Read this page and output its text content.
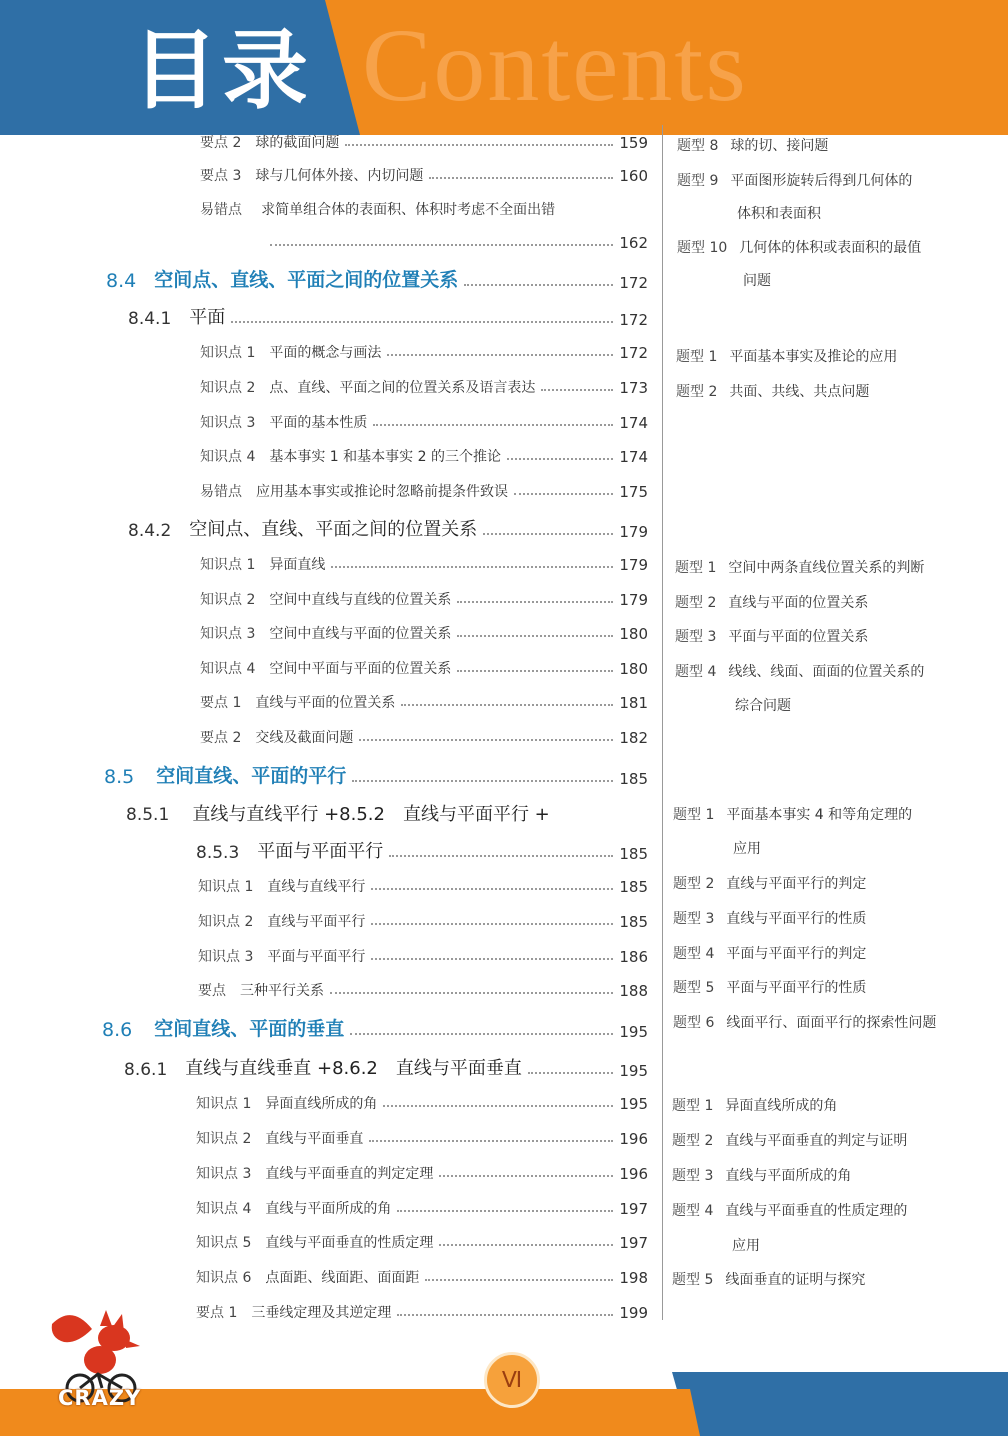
Contents
目录
要点 2 球的截面问题	159
要点 3 球与几何体外接、内切问题	160
易错点 求简单组合体的表面积、体积时考虑不全面出错
162
8.4 空间点、直线、平面之间的位置关系	172
8.4.1 平面	172
知识点 1 平面的概念与画法	172
知识点 2 点、直线、平面之间的位置关系及语言表达	173
知识点 3 平面的基本性质	174
知识点 4 基本事实 1 和基本事实 2 的三个推论	174
易错点 应用基本事实或推论时忽略前提条件致误	175
8.4.2 空间点、直线、平面之间的位置关系	179
知识点 1 异面直线	179
知识点 2 空间中直线与直线的位置关系	179
知识点 3 空间中直线与平面的位置关系	180
知识点 4 空间中平面与平面的位置关系	180
要点 1 直线与平面的位置关系	181
要点 2 交线及截面问题	182
8.5 空间直线、平面的平行	185
8.5.1 直线与直线平行 +8.5.2　直线与平面平行 +
8.5.3 平面与平面平行	185
知识点 1 直线与直线平行	185
知识点 2 直线与平面平行	185
知识点 3 平面与平面平行	186
要点 三种平行关系	188
8.6 空间直线、平面的垂直	195
8.6.1 直线与直线垂直 +8.6.2　直线与平面垂直	195
知识点 1 异面直线所成的角	195
知识点 2 直线与平面垂直	196
知识点 3 直线与平面垂直的判定定理	196
知识点 4 直线与平面所成的角	197
知识点 5 直线与平面垂直的性质定理	197
知识点 6 点面距、线面距、面面距	198
要点 1 三垂线定理及其逆定理	199
题型 8 球的切、接问题
题型 9 平面图形旋转后得到几何体的
体积和表面积
题型 10 几何体的体积或表面积的最值
问题
题型 1 平面基本事实及推论的应用
题型 2 共面、共线、共点问题
题型 1 空间中两条直线位置关系的判断
题型 2 直线与平面的位置关系
题型 3 平面与平面的位置关系
题型 4 线线、线面、面面的位置关系的
综合问题
题型 1 平面基本事实 4 和等角定理的
应用
题型 2 直线与平面平行的判定
题型 3 直线与平面平行的性质
题型 4 平面与平面平行的判定
题型 5 平面与平面平行的性质
题型 6 线面平行、面面平行的探索性问题
题型 1 异面直线所成的角
题型 2 直线与平面垂直的判定与证明
题型 3 直线与平面所成的角
题型 4 直线与平面垂直的性质定理的
应用
题型 5 线面垂直的证明与探究
Ⅵ
CRAZY
